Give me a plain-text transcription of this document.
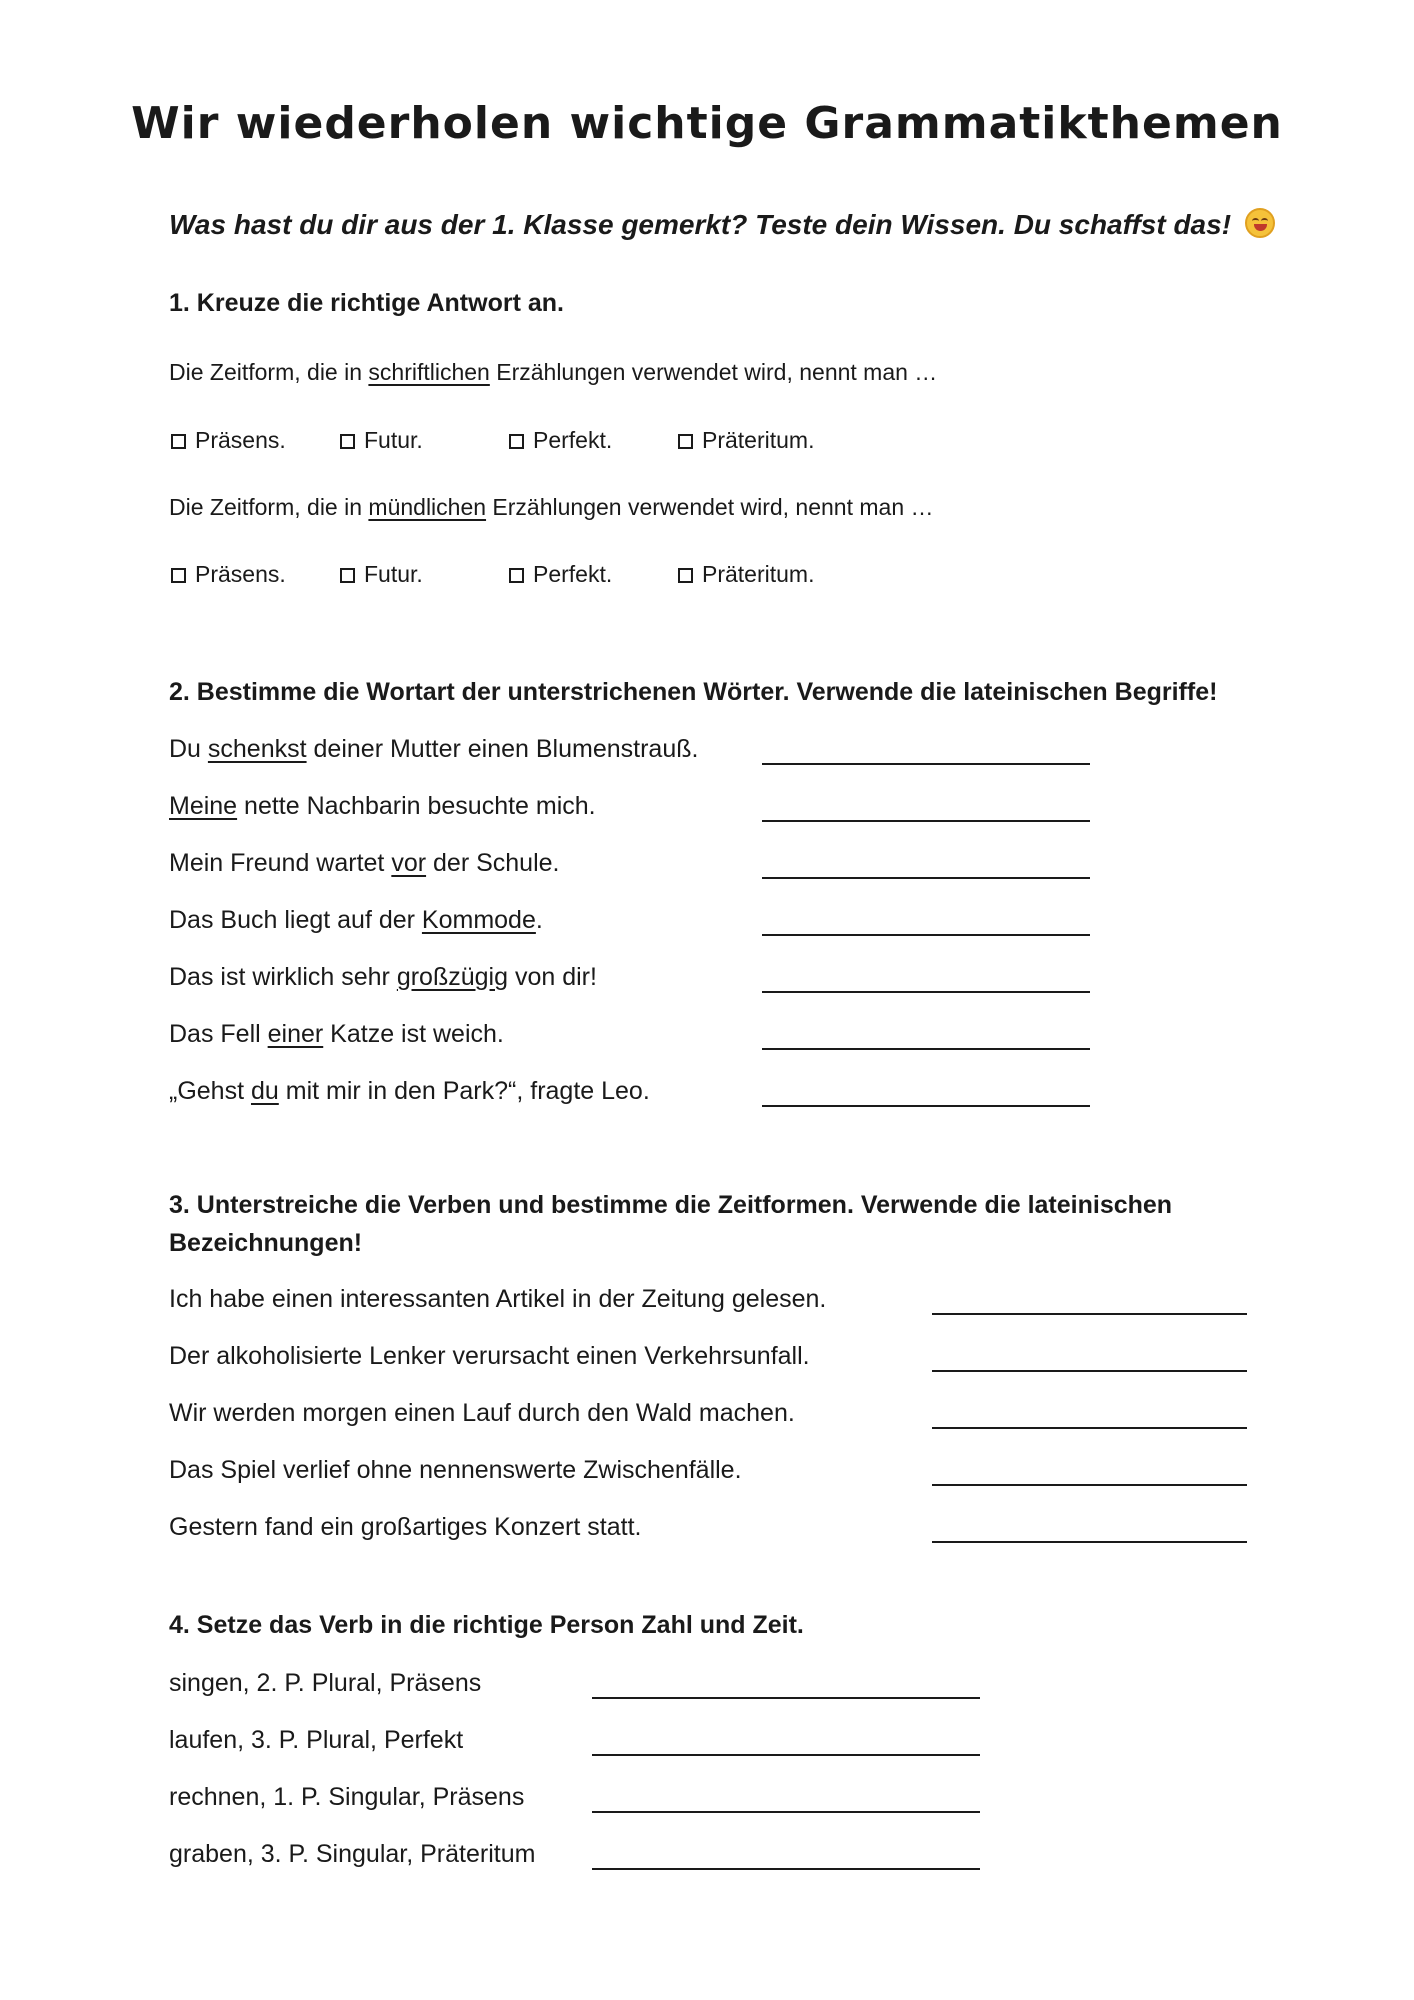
Wir wiederholen wichtige Grammatikthemen
Was hast du dir aus der 1. Klasse gemerkt? Teste dein Wissen. Du schaffst das!
1. Kreuze die richtige Antwort an.
Die Zeitform, die in schriftlichen Erzählungen verwendet wird, nennt man …
Präsens.	Futur.	Perfekt.	Präteritum.
Die Zeitform, die in mündlichen Erzählungen verwendet wird, nennt man …
Präsens.	Futur.	Perfekt.	Präteritum.
2. Bestimme die Wortart der unterstrichenen Wörter. Verwende die lateinischen Begriffe!
Du schenkst deiner Mutter einen Blumenstrauß.
Meine nette Nachbarin besuchte mich.
Mein Freund wartet vor der Schule.
Das Buch liegt auf der Kommode.
Das ist wirklich sehr großzügig von dir!
Das Fell einer Katze ist weich.
„Gehst du mit mir in den Park?“, fragte Leo.
3. Unterstreiche die Verben und bestimme die Zeitformen. Verwende die lateinischen
Bezeichnungen!
Ich habe einen interessanten Artikel in der Zeitung gelesen.
Der alkoholisierte Lenker verursacht einen Verkehrsunfall.
Wir werden morgen einen Lauf durch den Wald machen.
Das Spiel verlief ohne nennenswerte Zwischenfälle.
Gestern fand ein großartiges Konzert statt.
4. Setze das Verb in die richtige Person Zahl und Zeit.
singen, 2. P. Plural, Präsens
laufen, 3. P. Plural, Perfekt
rechnen, 1. P. Singular, Präsens
graben, 3. P. Singular, Präteritum
